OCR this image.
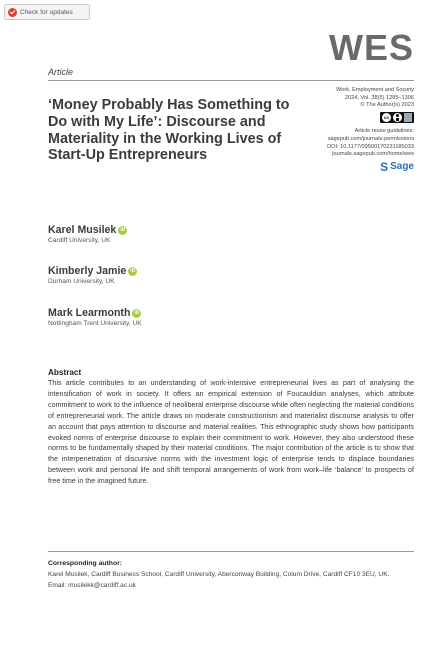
Check for updates
WES
Article
Work, Employment and Society
2024, Vol. 38(5) 1285–1306
© The Author(s) 2023
cc
Article reuse guidelines:
sagepub.com/journals-permissions
DOI: 10.1177/09500170231185033
journals.sagepub.com/home/wes
S Sage
‘Money Probably Has Something to Do with My Life’: Discourse and Materiality in the Working Lives of Start-Up Entrepreneurs
Karel Musilek iD
Cardiff University, UK
Kimberly Jamie iD
Durham University, UK
Mark Learmonth iD
Nottingham Trent University, UK
Abstract

This article contributes to an understanding of work-intensive entrepreneurial lives as part of analysing the intensification of work in society. It offers an empirical extension of Foucauldian analyses, which attribute commitment to work to the influence of neoliberal enterprise discourse while often neglecting the material conditions of entrepreneurial work. The article draws on moderate constructionism and materialist discourse analysis to offer an account that pays attention to discourse and material realities. This ethnographic study shows how participants evoked norms of enterprise discourse to explain their commitment to work. However, they also understood these norms to be fundamentally shaped by their material conditions. The major contribution of the article is to show that the interpenetration of discursive norms with the investment logic of enterprise tends to displace boundaries between work and personal life and shift temporal arrangements of work from work–life ‘balance’ to prospects of free time in the imagined future.

Corresponding author:
Karel Musilek, Cardiff Business School, Cardiff University, Aberconway Building, Colum Drive, Cardiff CF10 3EU, UK.
Email: musilekk@cardiff.ac.uk
